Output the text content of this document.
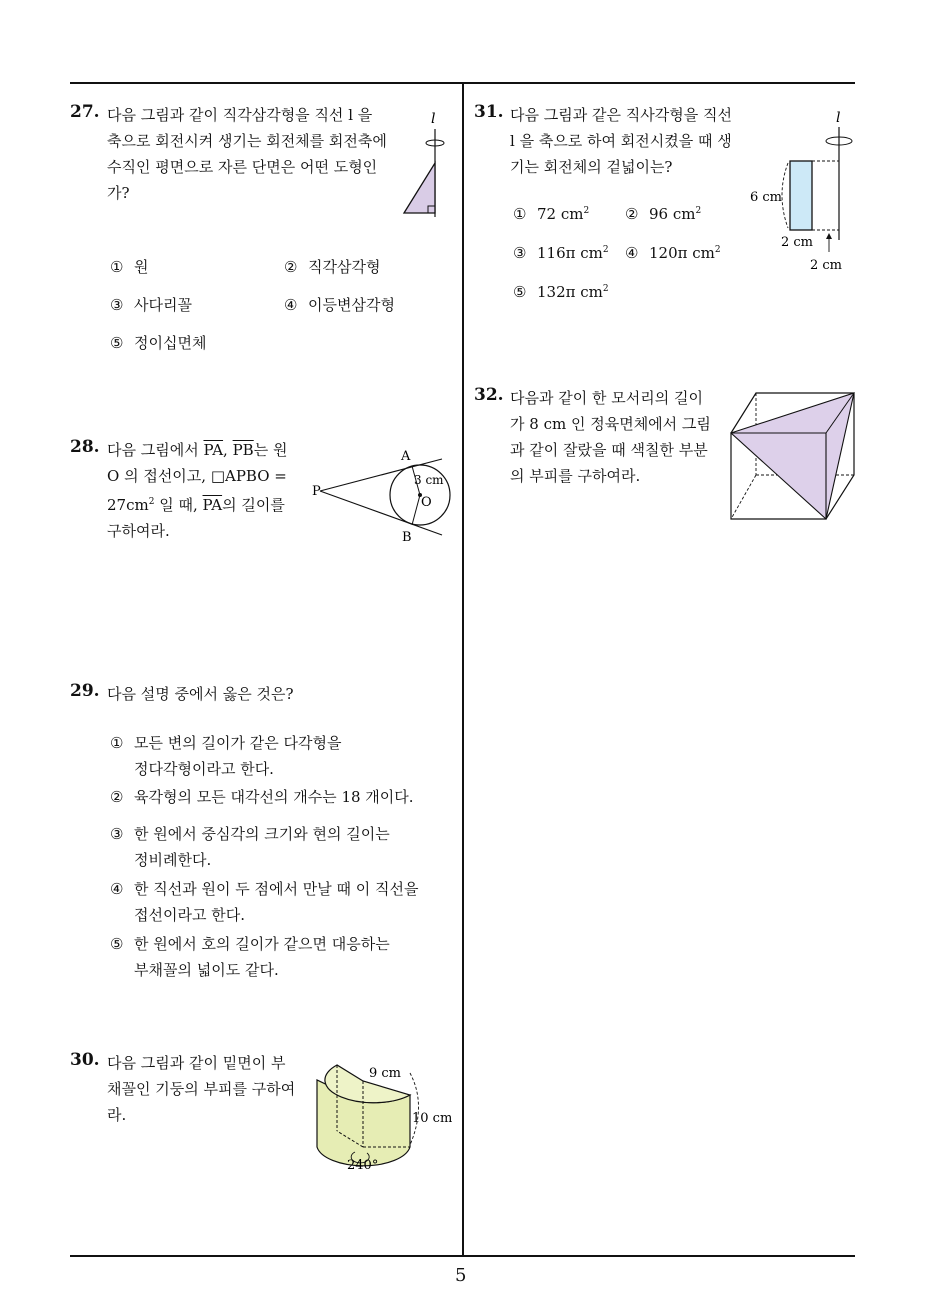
5
27. 다음 그림과 같이 직각삼각형을 직선 l 을
축으로 회전시켜 생기는 회전체를 회전축에
수직인 평면으로 자른 단면은 어떤 도형인
가?
l
① 원	② 직각삼각형
③ 사다리꼴	④ 이등변삼각형
⑤ 정이십면체
28. 다음 그림에서 $\overline{PA}$, $\overline{PB}$는 원
O 의 접선이고, □APBO =
$27cm^2$ 일 때, $\overline{PA}$의 길이를
구하여라.
A
B
P
O
3 cm
29. 다음 설명 중에서 옳은 것은?
① 모든 변의 길이가 같은 다각형을
정다각형이라고 한다.
② 육각형의 모든 대각선의 개수는 18 개이다.
③ 한 원에서 중심각의 크기와 현의 길이는
정비례한다.
④ 한 직선과 원이 두 점에서 만날 때 이 직선을
접선이라고 한다.
⑤ 한 원에서 호의 길이가 같으면 대응하는
부채꼴의 넓이도 같다.
30. 다음 그림과 같이 밑면이 부
채꼴인 기둥의 부피를 구하여
라.
9 cm
10 cm
240°
31. 다음 그림과 같은 직사각형을 직선
l 을 축으로 하여 회전시켰을 때 생
기는 회전체의 겉넓이는?
① 72 $cm^2$ ② 96 $cm^2$
③ 116π $cm^2$ ④ 120π $cm^2$
⑤ 132π $cm^2$
l
6 cm
2 cm
2 cm
32. 다음과 같이 한 모서리의 길이
가 8 cm 인 정육면체에서 그림
과 같이 잘랐을 때 색칠한 부분
의 부피를 구하여라.
